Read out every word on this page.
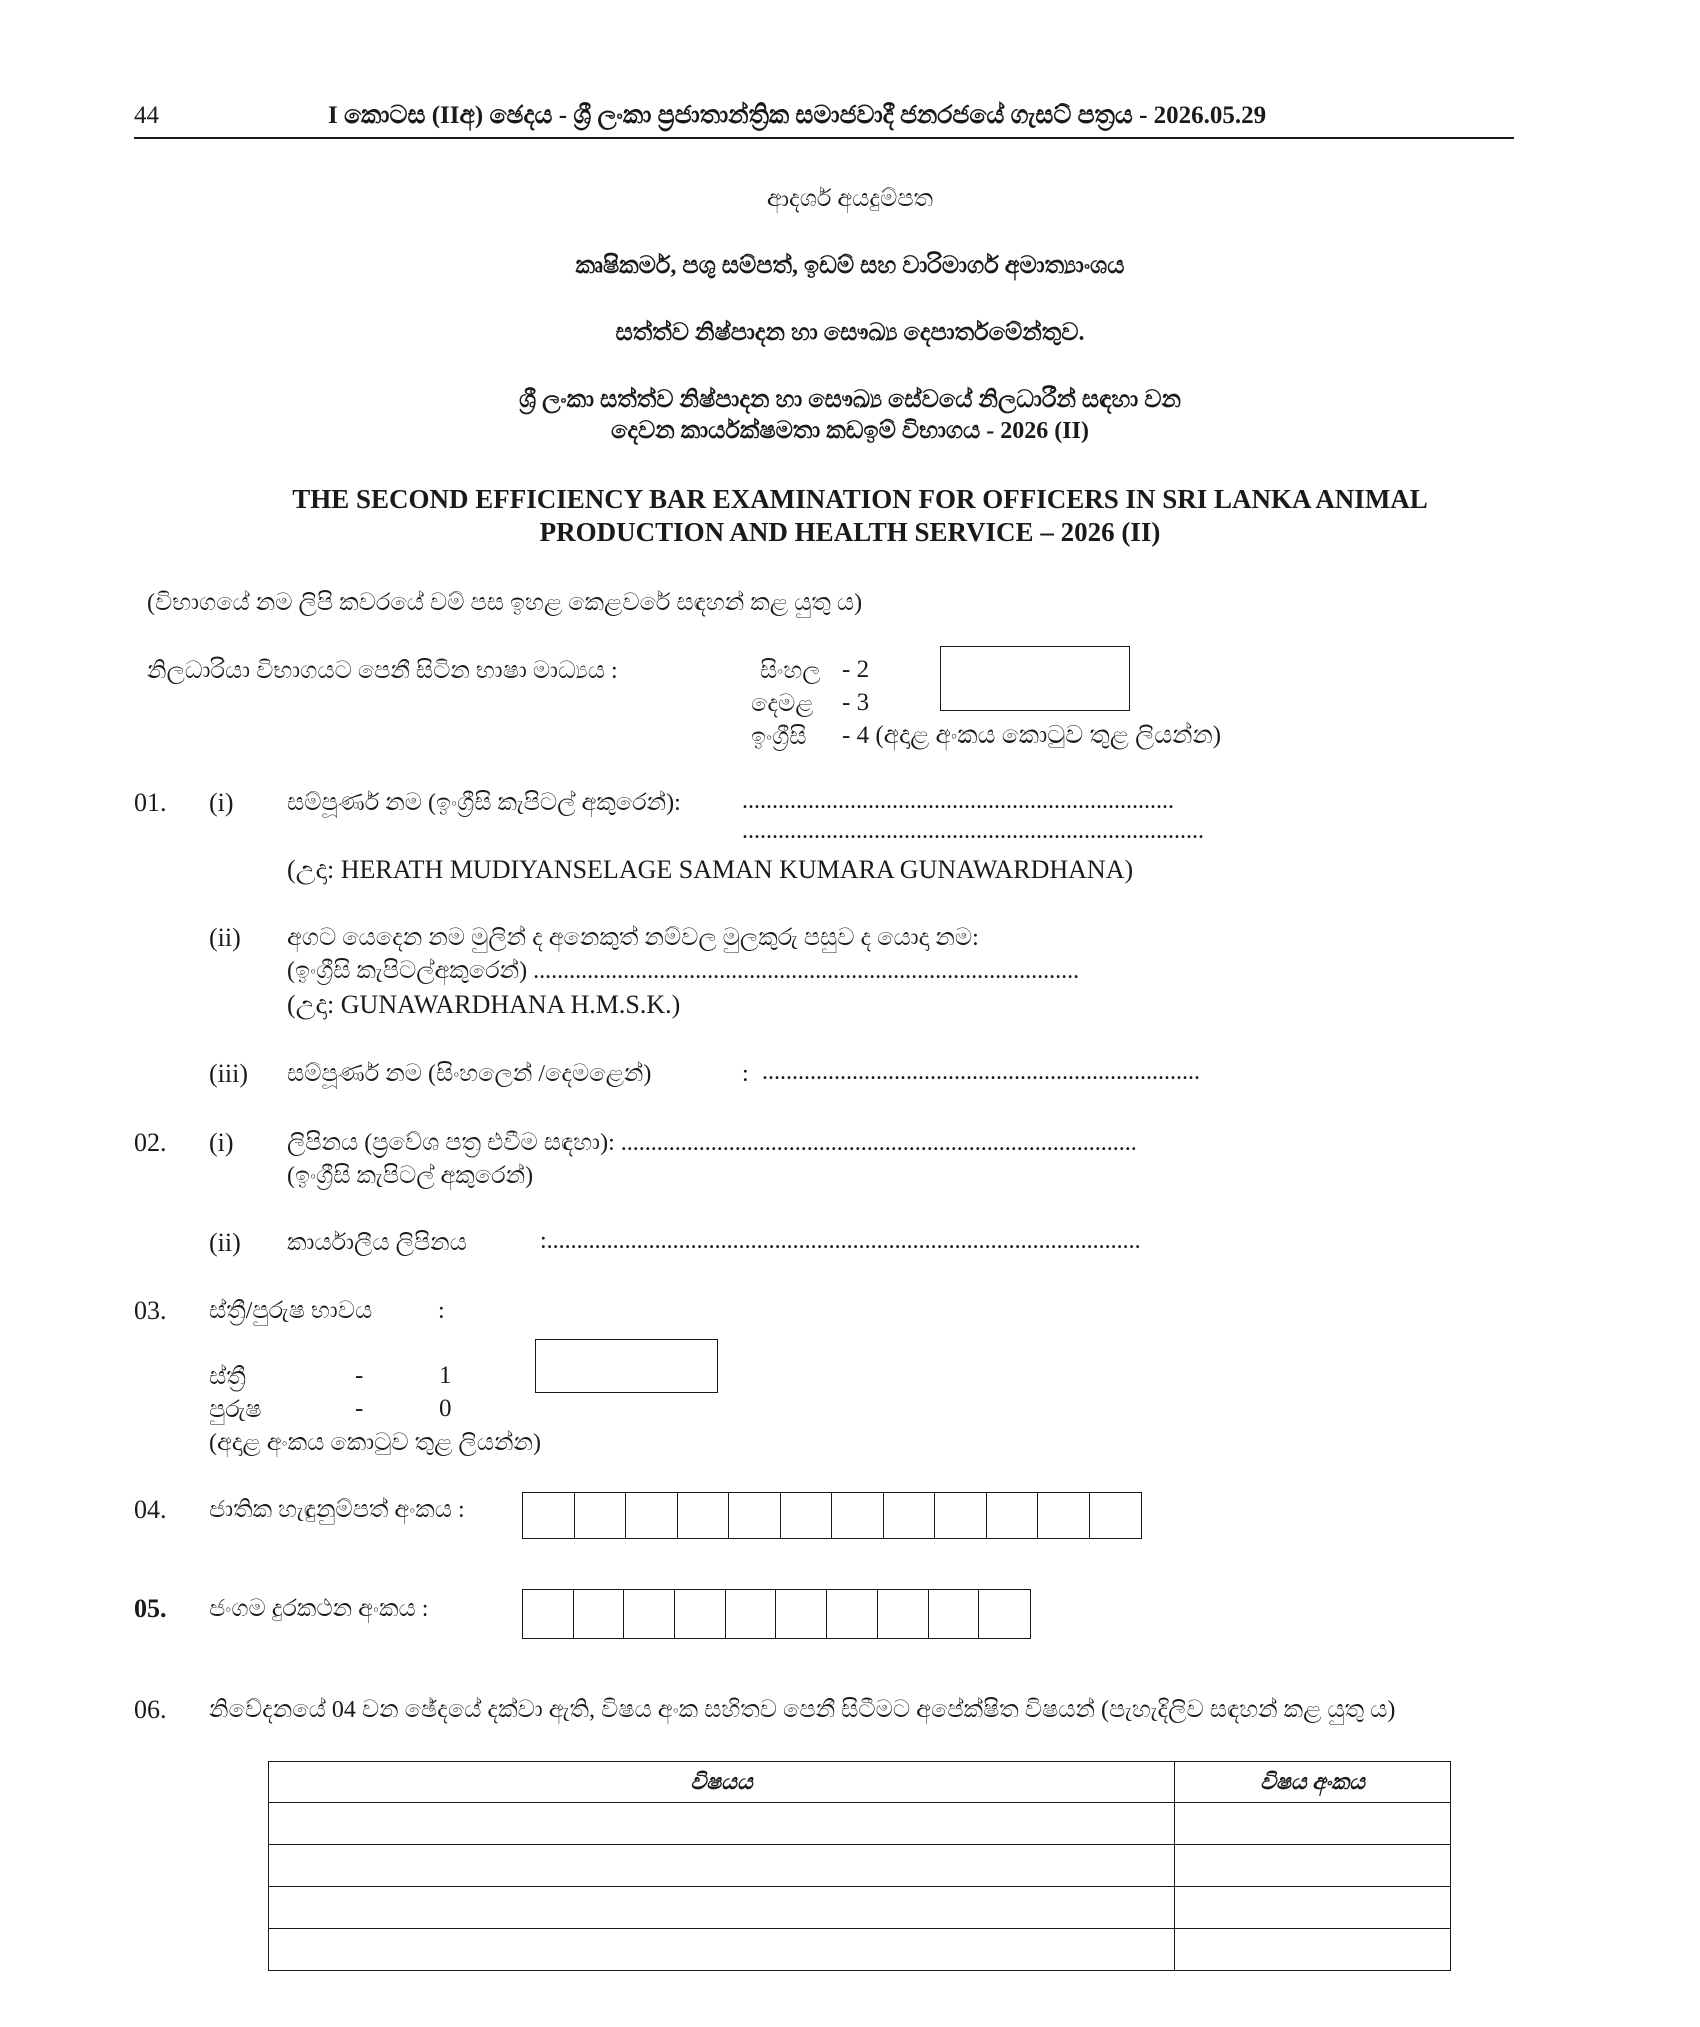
44	I කොටස (IIඅ) ඡෙදය - ශ්‍රී ලංකා ප්‍රජාතාන්ත්‍රික සමාජවාදී ජනරජයේ ගැසට් පත්‍රය - 2026.05.29
ආදර්ශ අයදුම්පත
කෘෂිකර්ම, පශු සම්පත්, ඉඩම් සහ වාරිමාර්ග අමාත්‍යාංශය
සත්ත්ව නිෂ්පාදන හා සෞඛ්‍ය දෙපාර්තමේන්තුව.
ශ්‍රී ලංකා සත්ත්ව නිෂ්පාදන හා සෞඛ්‍ය සේවයේ නිලධාරීන් සඳහා වන
දෙවන කාර්යක්ෂමතා කඩඉම් විභාගය - 2026 (II)
THE SECOND EFFICIENCY BAR EXAMINATION FOR OFFICERS IN SRI LANKA ANIMAL
PRODUCTION AND HEALTH SERVICE – 2026 (II)
(විභාගයේ නම ලිපි කවරයේ වම් පස ඉහළ කෙළවරේ සඳහන් කළ යුතු ය)
නිලධාරියා විභාගයට පෙනී සිටින භාෂා මාධ්‍යය :	සිංහල - 2
දෙමළ - 3
ඉංග්‍රීසි - 4 (අදාළ අංකය කොටුව තුළ ලියන්න)
01. (i) සම්පූර්ණ නම (ඉංග්‍රීසි කැපිටල් අකුරෙන්):	........................................................................
.............................................................................
(උදා: HERATH MUDIYANSELAGE SAMAN KUMARA GUNAWARDHANA)
(ii) අගට යෙදෙන නම මුලින් ද අනෙකුත් නම්වල මුලකුරු පසුව ද යොදා නම:
(ඉංග්‍රීසි කැපිටල්අකුරෙන්) ...........................................................................................
(උදා: GUNAWARDHANA H.M.S.K.)
(iii) සම්පූර්ණ නම (සිංහලෙන් /දෙමළෙන්)	: .........................................................................
02. (i) ලිපිනය (ප්‍රවේශ පත්‍ර එවීම සඳහා): ......................................................................................
(ඉංග්‍රීසි කැපිටල් අකුරෙන්)
(ii) කාර්යාලීය ලිපිනය	:...................................................................................................
03. ස්ත්‍රී/පුරුෂ භාවය	:
ස්ත්‍රී	-	1
පුරුෂ	-	0
(අදාළ අංකය කොටුව තුළ ලියන්න)
04. ජාතික හැඳුනුම්පත් අංකය :
05. ජංගම දුරකථන අංකය :
06. නිවේදනයේ 04 වන ඡේදයේ දක්වා ඇති, විෂය අංක සහිතව පෙනී සිටීමට අපේක්ෂිත විෂයන් (පැහැදිලිව සඳහන් කළ යුතු ය)
විෂයය	විෂය අංකය
